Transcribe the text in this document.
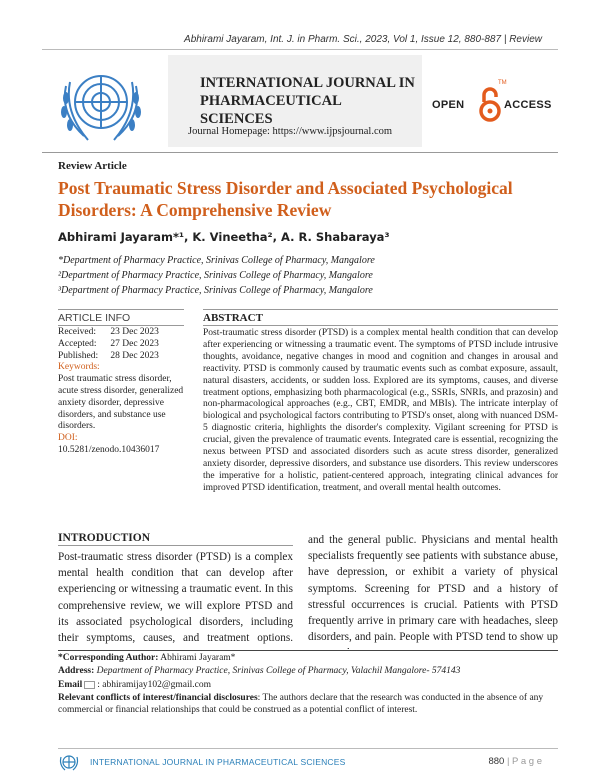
Abhirami Jayaram, Int. J. in Pharm. Sci., 2023, Vol 1, Issue 12, 880-887 | Review
INTERNATIONAL JOURNAL IN PHARMACEUTICAL SCIENCES
Journal Homepage: https://www.ijpsjournal.com
OPEN
TM
ACCESS
Review Article
Post Traumatic Stress Disorder and Associated Psychological Disorders: A Comprehensive Review
Abhirami Jayaram*¹, K. Vineetha², A. R. Shabaraya³
*Department of Pharmacy Practice, Srinivas College of Pharmacy, Mangalore
²Department of Pharmacy Practice, Srinivas College of Pharmacy, Mangalore
³Department of Pharmacy Practice, Srinivas College of Pharmacy, Mangalore
ARTICLE INFO
Received: 23 Dec 2023
Accepted: 27 Dec 2023
Published: 28 Dec 2023
Keywords:
Post traumatic stress disorder, acute stress disorder, generalized anxiety disorder, depressive disorders, and substance use disorders.
DOI:
10.5281/zenodo.10436017
ABSTRACT
Post-traumatic stress disorder (PTSD) is a complex mental health condition that can develop after experiencing or witnessing a traumatic event. The symptoms of PTSD include intrusive thoughts, avoidance, negative changes in mood and cognition and changes in arousal and reactivity. PTSD is commonly caused by traumatic events such as combat exposure, assault, natural disasters, accidents, or sudden loss. Explored are its symptoms, causes, and diverse treatment options, emphasizing both pharmacological (e.g., SSRIs, SNRIs, and prazosin) and non-pharmacological approaches (e.g., CBT, EMDR, and MBIs). The intricate interplay of biological and psychological factors contributing to PTSD's onset, along with nuanced DSM-5 diagnostic criteria, highlights the disorder's complexity. Vigilant screening for PTSD is crucial, given the prevalence of traumatic events. Integrated care is essential, recognizing the nexus between PTSD and associated disorders such as acute stress disorder, generalized anxiety disorder, depressive disorders, and substance use disorders. This review underscores the imperative for a holistic, patient-centered approach, integrating clinical advances for improved PTSD identification, treatment, and overall mental health outcomes.
INTRODUCTION
Post-traumatic stress disorder (PTSD) is a complex mental health condition that can develop after experiencing or witnessing a traumatic event. In this comprehensive review, we will explore PTSD and its associated psychological disorders, including their symptoms, causes, and treatment options.
and the general public. Physicians and mental health specialists frequently see patients with substance abuse, have depression, or exhibit a variety of physical symptoms. Screening for PTSD and a history of stressful occurrences is crucial. Patients with PTSD frequently arrive in primary care with headaches, sleep disorders, and pain. People with PTSD tend to show up
*Corresponding Author: Abhirami Jayaram*
Address: Department of Pharmacy Practice, Srinivas College of Pharmacy, Valachil Mangalore- 574143
Email : abhiramijay102@gmail.com
Relevant conflicts of interest/financial disclosures: The authors declare that the research was conducted in the absence of any commercial or financial relationships that could be construed as a potential conflict of interest.
INTERNATIONAL JOURNAL IN PHARMACEUTICAL SCIENCES	880 | P a g e
